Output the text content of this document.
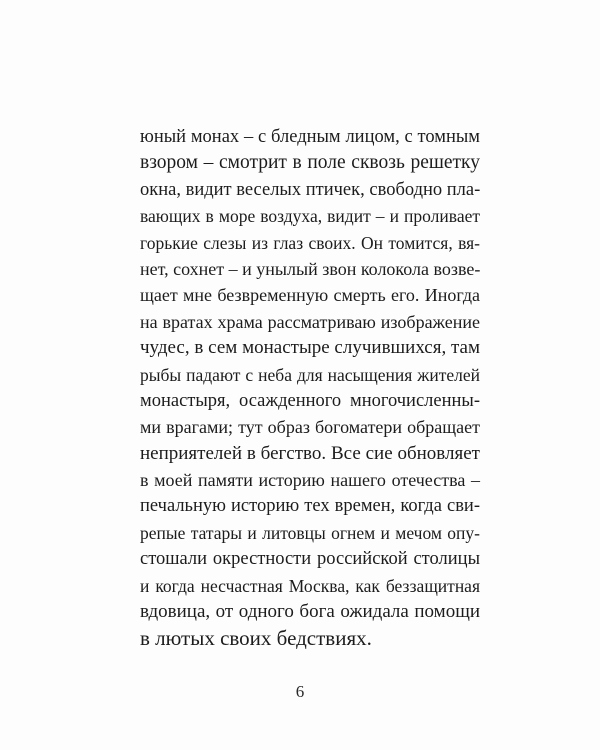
юный монах – с бледным лицом, с томным
взором – смотрит в поле сквозь решетку
окна, видит веселых птичек, свободно пла-
вающих в море воздуха, видит – и проливает
горькие слезы из глаз своих. Он томится, вя-
нет, сохнет – и унылый звон колокола возве-
щает мне безвременную смерть его. Иногда
на вратах храма рассматриваю изображение
чудес, в сем монастыре случившихся, там
рыбы падают с неба для насыщения жителей
монастыря, осажденного многочисленны-
ми врагами; тут образ богоматери обращает
неприятелей в бегство. Все сие обновляет
в моей памяти историю нашего отечества –
печальную историю тех времен, когда сви-
репые татары и литовцы огнем и мечом опу-
стошали окрестности российской столицы
и когда несчастная Москва, как беззащитная
вдовица, от одного бога ожидала помощи
в лютых своих бедствиях.
6
